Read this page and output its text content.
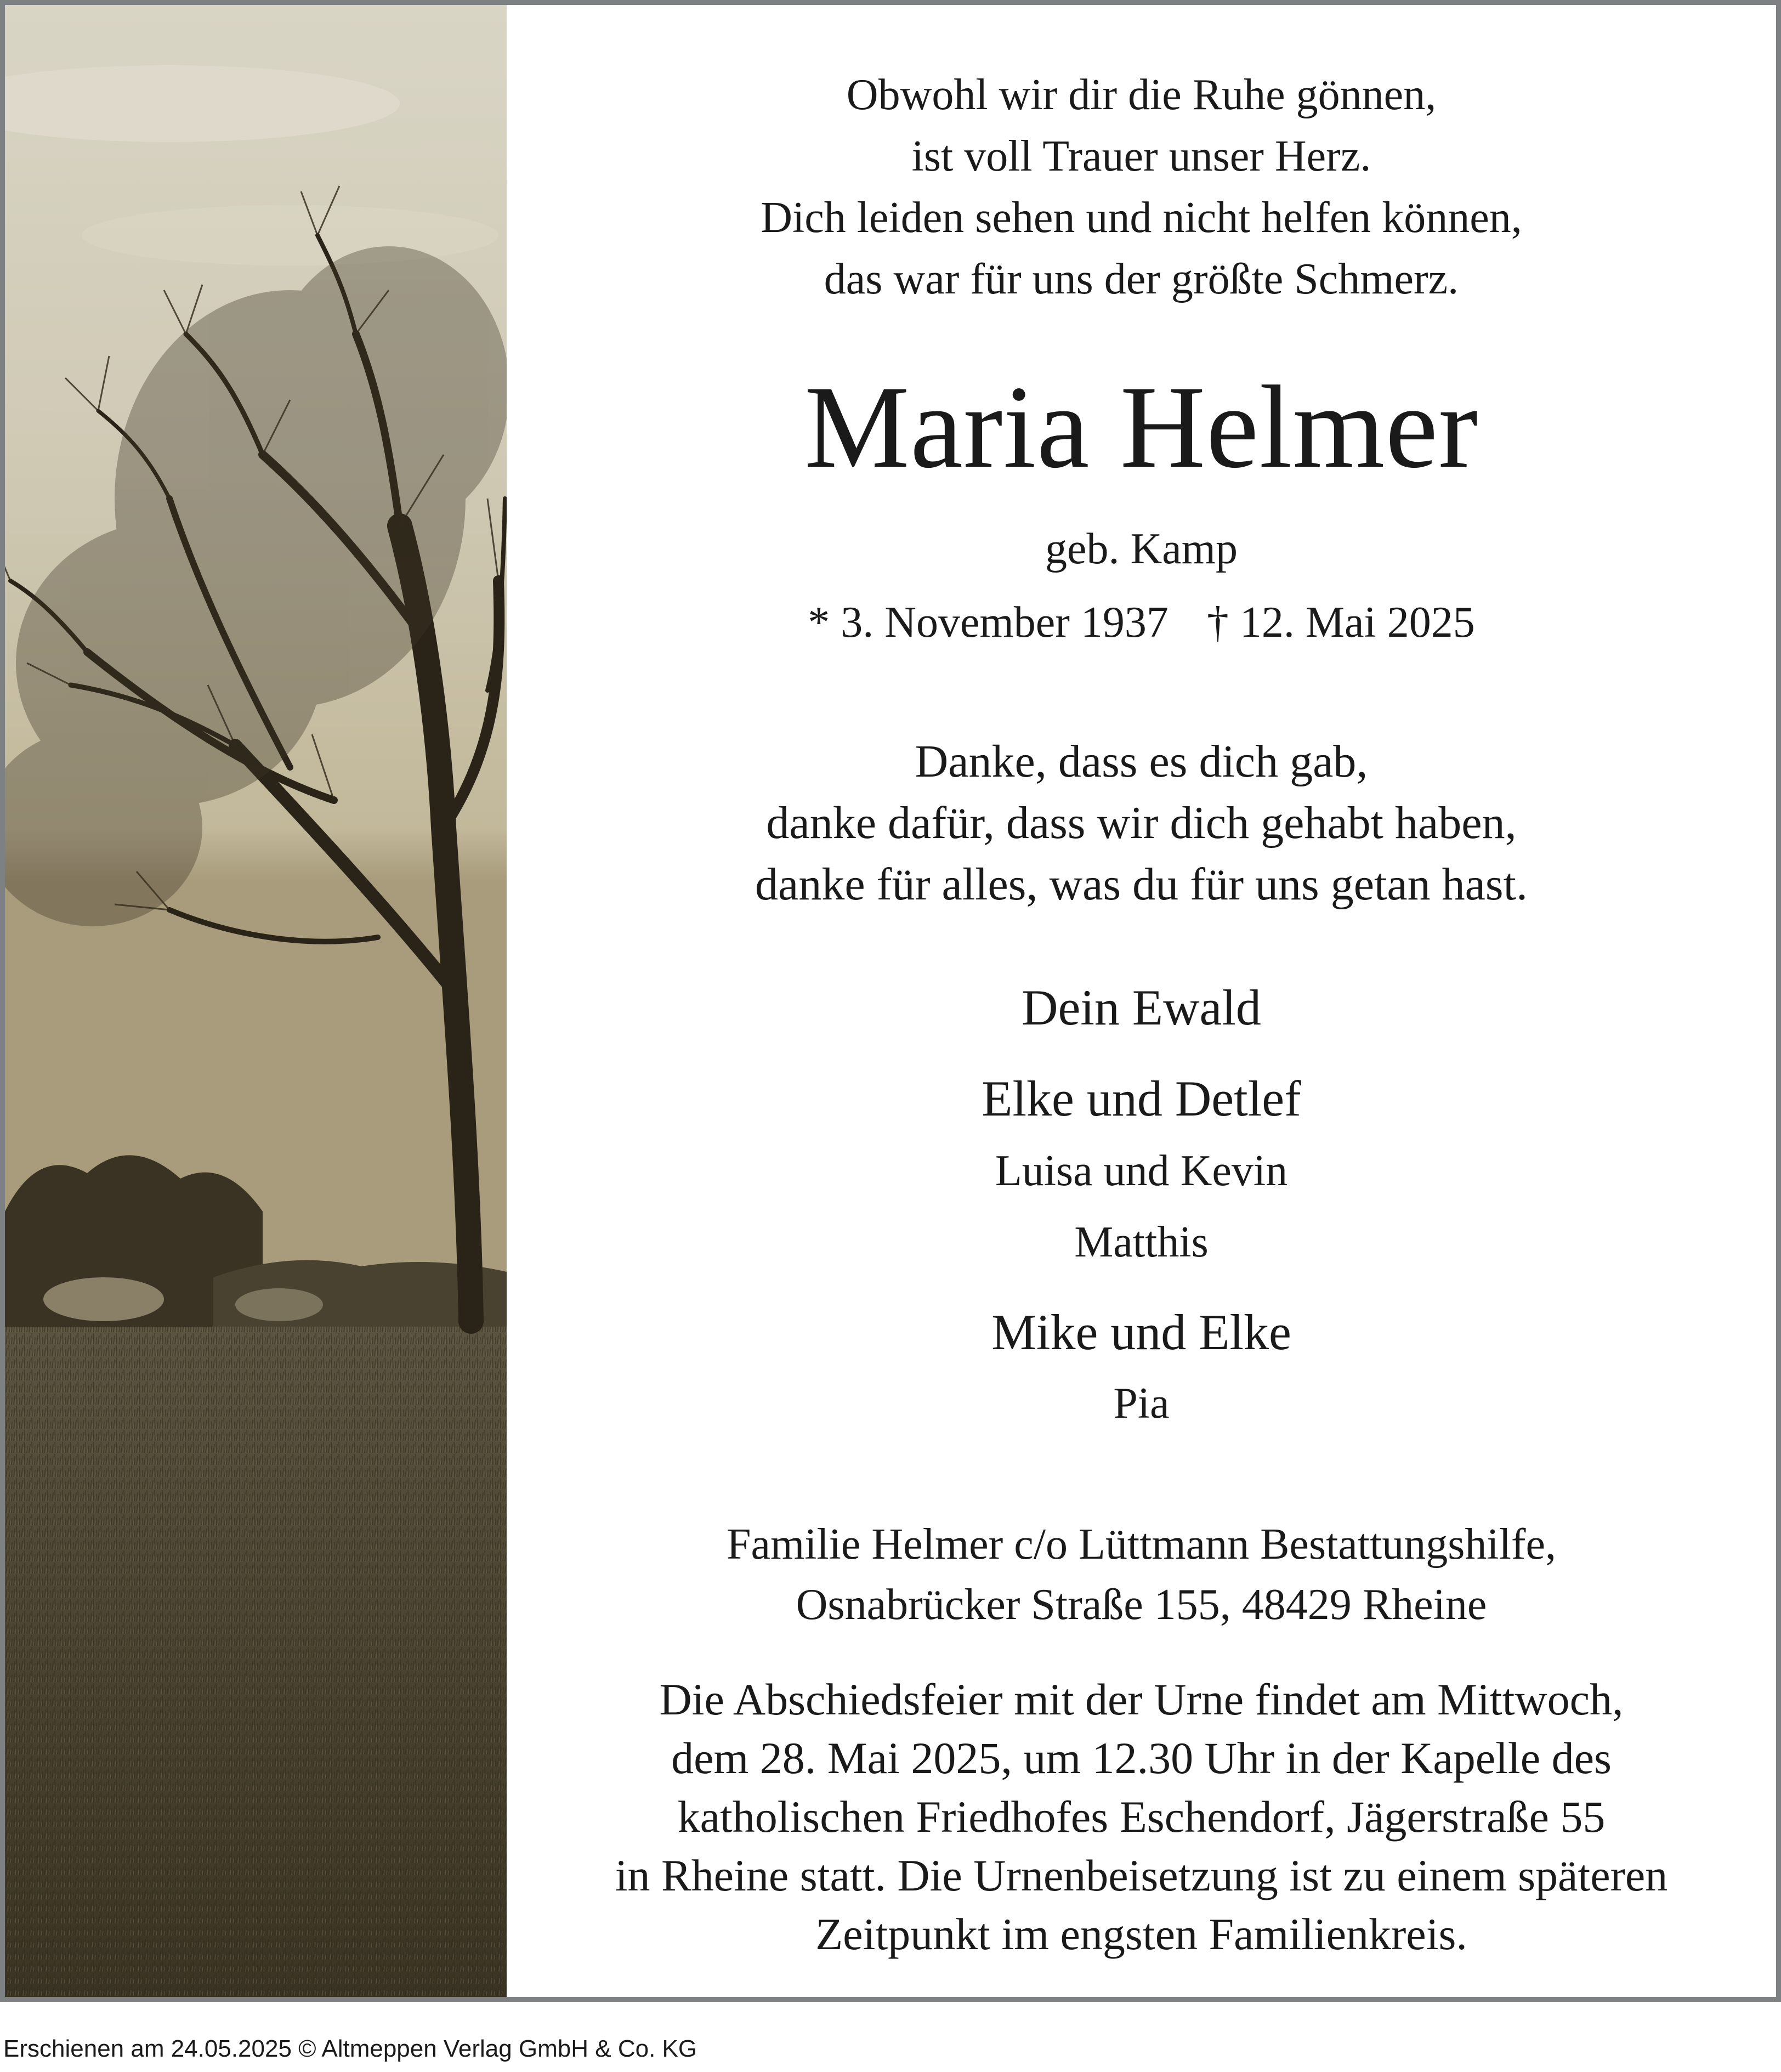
Obwohl wir dir die Ruhe gönnen,
ist voll Trauer unser Herz.
Dich leiden sehen und nicht helfen können,
das war für uns der größte Schmerz.
Maria Helmer
geb. Kamp
* 3. November 1937 † 12. Mai 2025
Danke, dass es dich gab,
danke dafür, dass wir dich gehabt haben,
danke für alles, was du für uns getan hast.
Dein Ewald
Elke und Detlef
Luisa und Kevin
Matthis
Mike und Elke
Pia
Familie Helmer c/o Lüttmann Bestattungshilfe,
Osnabrücker Straße 155, 48429 Rheine
Die Abschiedsfeier mit der Urne findet am Mittwoch,
dem 28. Mai 2025, um 12.30 Uhr in der Kapelle des
katholischen Friedhofes Eschendorf, Jägerstraße 55
in Rheine statt. Die Urnenbeisetzung ist zu einem späteren
Zeitpunkt im engsten Familienkreis.
Erschienen am 24.05.2025 © Altmeppen Verlag GmbH & Co. KG
